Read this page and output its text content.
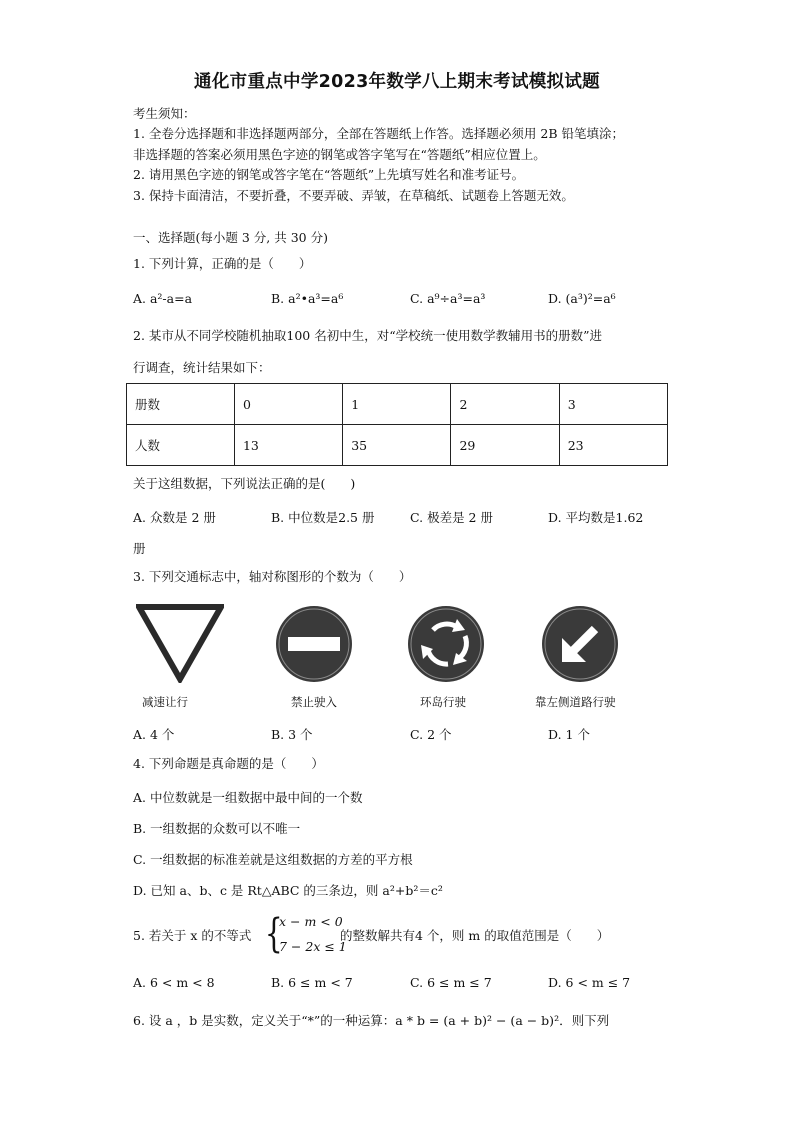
通化市重点中学2023年数学八上期末考试模拟试题
考生须知：
1. 全卷分选择题和非选择题两部分，全部在答题纸上作答。选择题必须用 2B 铅笔填涂；
非选择题的答案必须用黑色字迹的钢笔或答字笔写在“答题纸”相应位置上。
2. 请用黑色字迹的钢笔或答字笔在“答题纸”上先填写姓名和准考证号。
3. 保持卡面清洁，不要折叠，不要弄破、弄皱，在草稿纸、试题卷上答题无效。
一、选择题(每小题 3 分, 共 30 分)
1. 下列计算，正确的是（　　）
A. a²-a=a	B. a²•a³=a⁶	C. a⁹÷a³=a³	D. (a³)²=a⁶
2. 某市从不同学校随机抽取100 名初中生，对“学校统一使用数学教辅用书的册数”进
行调查，统计结果如下：
册数	0	1	2	3
人数	13	35	29	23
关于这组数据，下列说法正确的是(　　)
A. 众数是 2 册	B. 中位数是2.5 册	C. 极差是 2 册	D. 平均数是1.62
册
3. 下列交通标志中，轴对称图形的个数为（　　）
减速让行	禁止驶入	环岛行驶	靠左侧道路行驶
A. 4 个	B. 3 个	C. 2 个	D. 1 个
4. 下列命题是真命题的是（　　）
A. 中位数就是一组数据中最中间的一个数
B. 一组数据的众数可以不唯一
C. 一组数据的标准差就是这组数据的方差的平方根
D. 已知 a、b、c 是 Rt△ABC 的三条边，则 a²+b²＝c²
5. 若关于 x 的不等式 {
x − m < 0
7 − 2x ≤ 1
的整数解共有4 个，则 m 的取值范围是（　　）
A. 6 < m < 8	B. 6 ≤ m < 7	C. 6 ≤ m ≤ 7	D. 6 < m ≤ 7
6. 设 a ，b 是实数，定义关于“*”的一种运算：a * b = (a + b)² − (a − b)²．则下列
